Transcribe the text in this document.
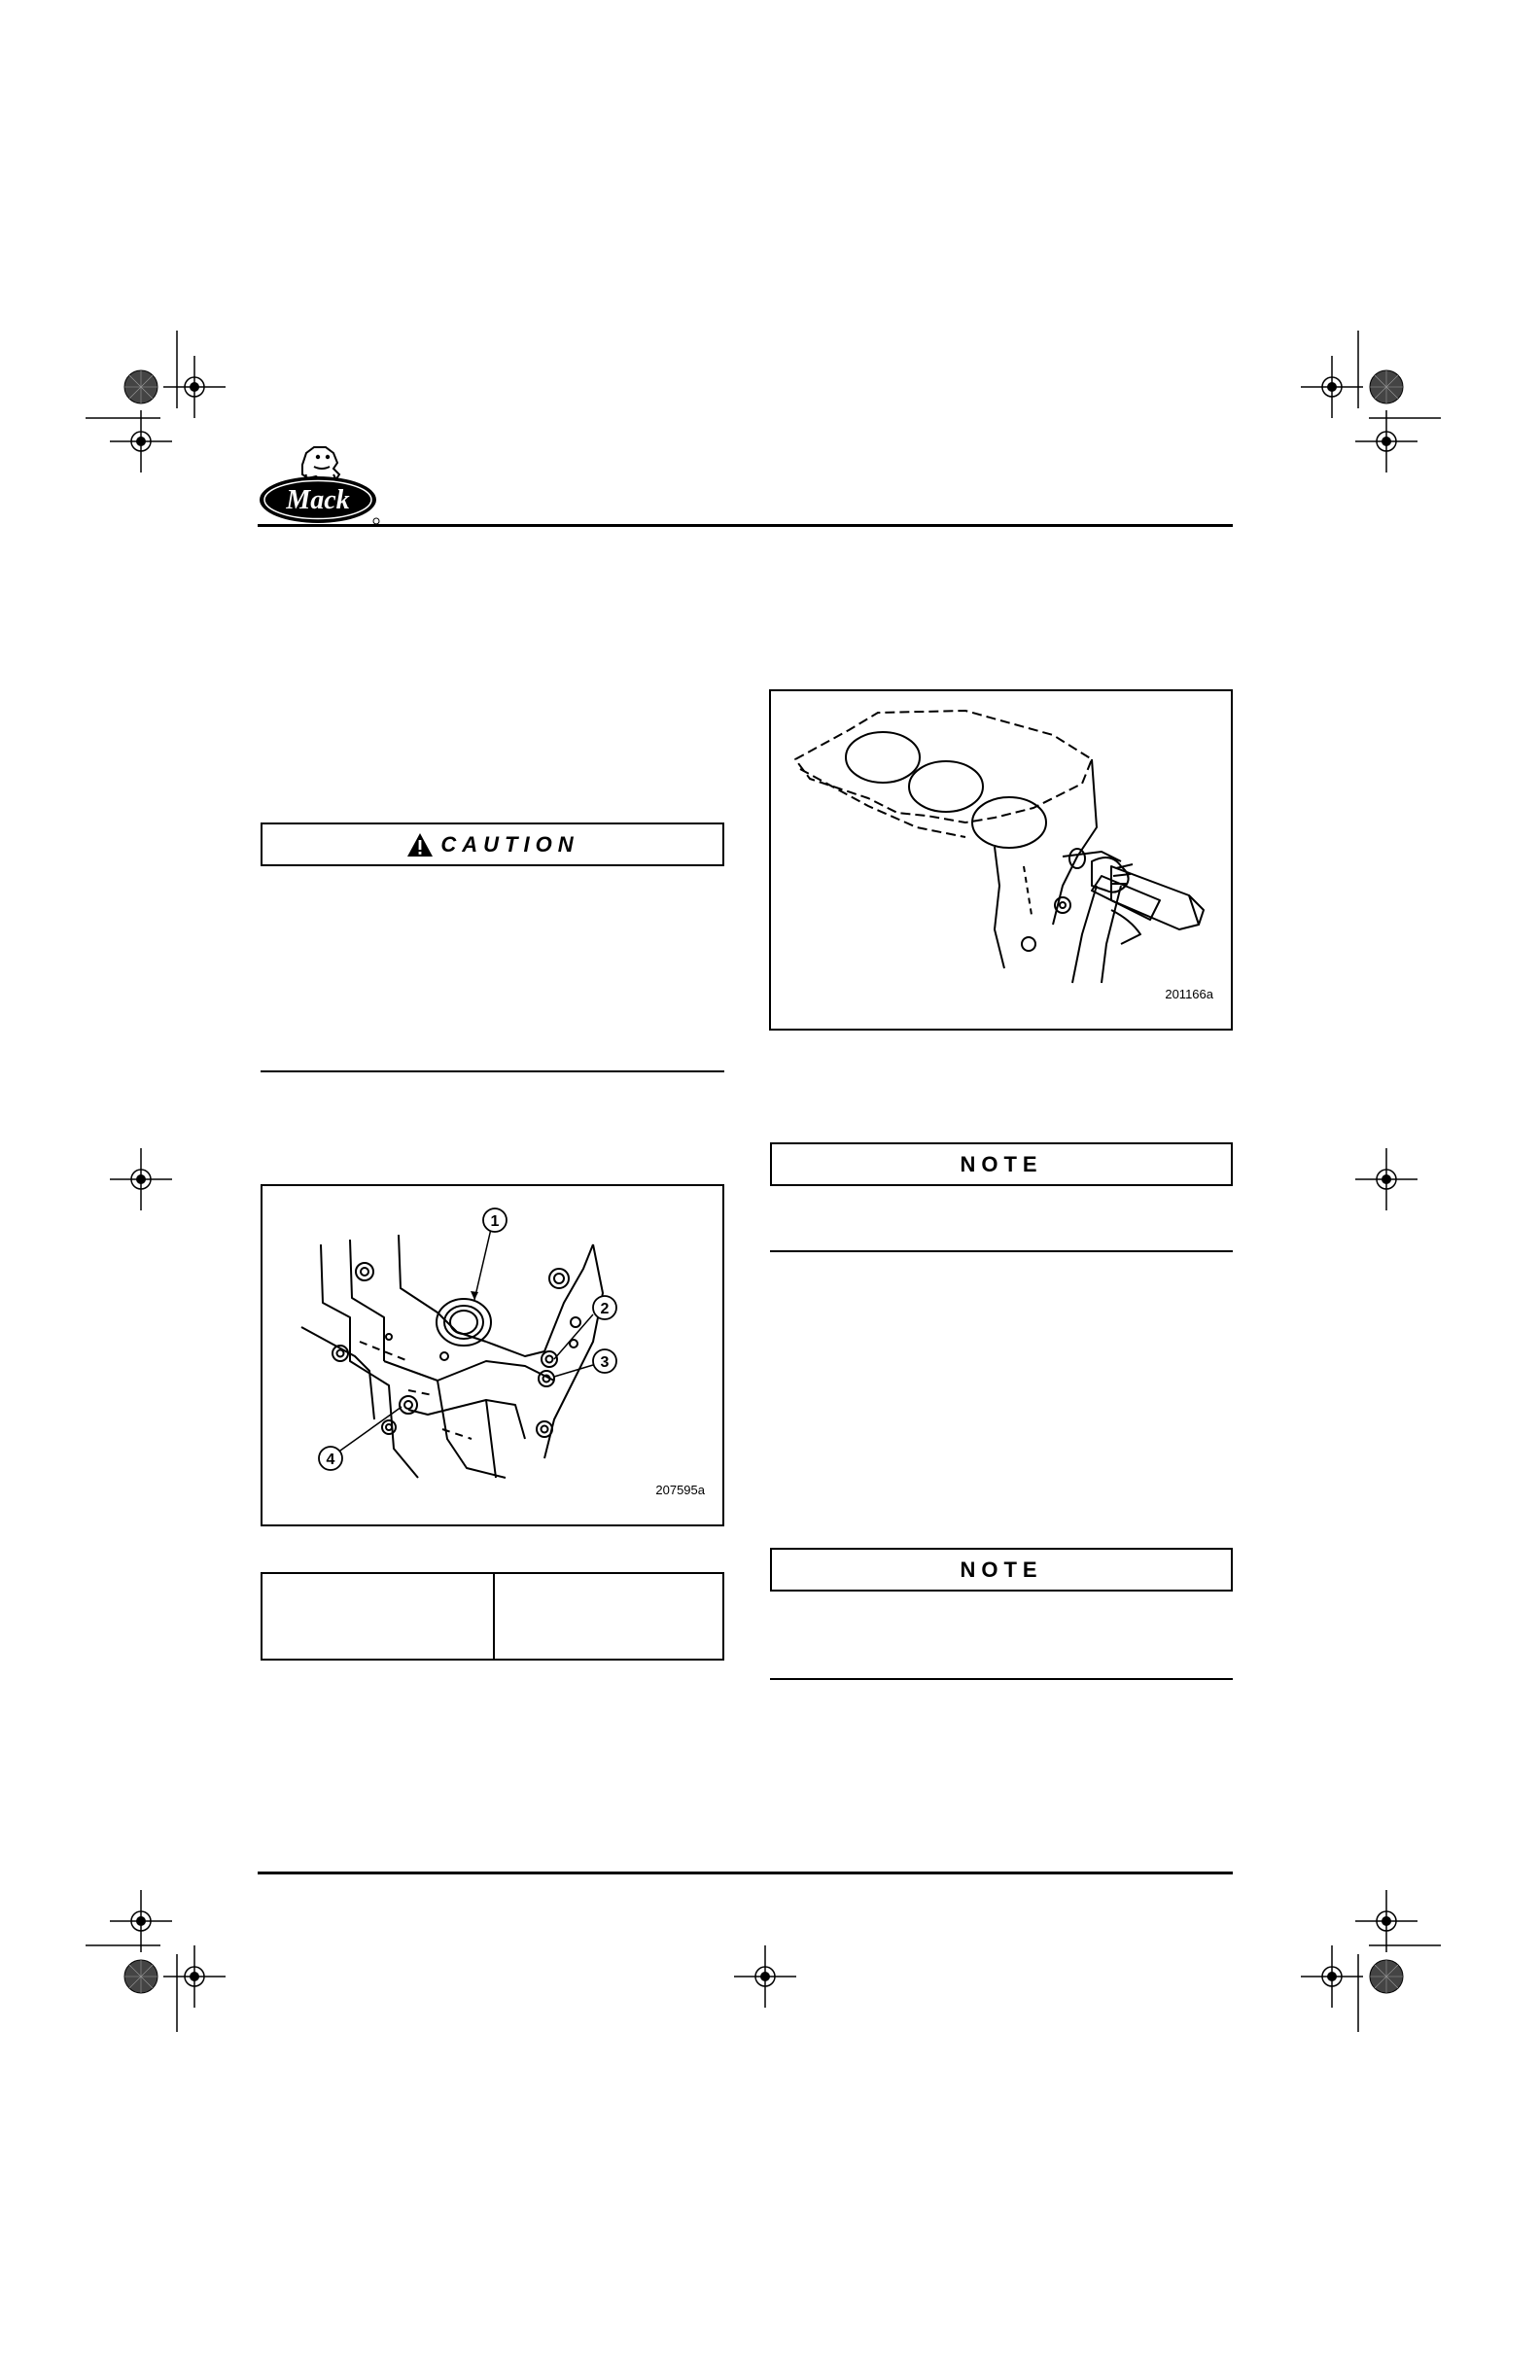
Mack
CAUTION
1
2
3
4
207595a
201166a
NOTE
NOTE
